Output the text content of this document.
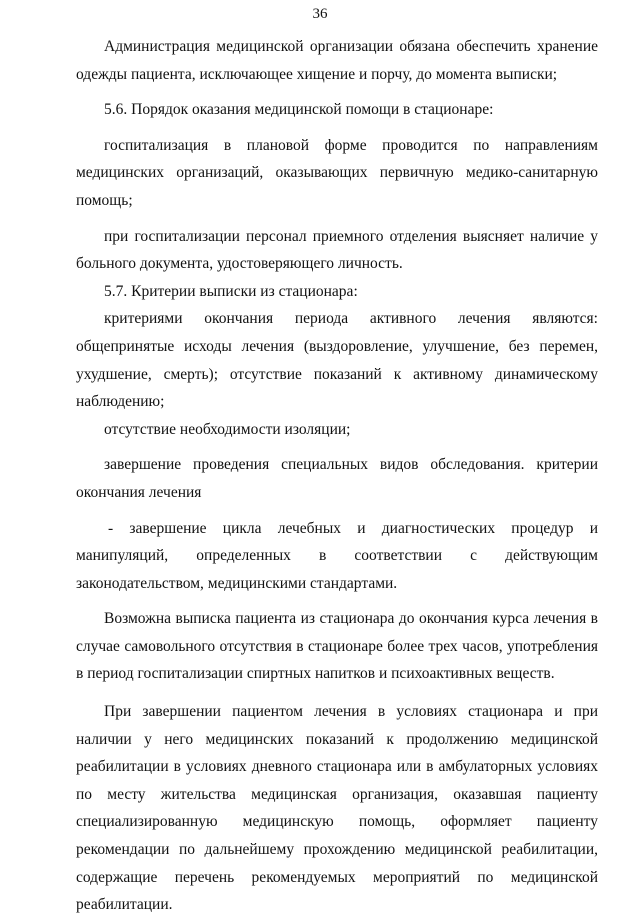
36

Администрация медицинской организации обязана обеспечить хранение одежды пациента, исключающее хищение и порчу, до момента выписки;

5.6. Порядок оказания медицинской помощи в стационаре:

госпитализация в плановой форме проводится по направлениям медицинских организаций, оказывающих первичную медико-санитарную помощь;

при госпитализации персонал приемного отделения выясняет наличие у больного документа, удостоверяющего личность.

5.7. Критерии выписки из стационара:

критериями окончания периода активного лечения являются: общепринятые исходы лечения (выздоровление, улучшение, без перемен, ухудшение, смерть); отсутствие показаний к активному динамическому наблюдению;

отсутствие необходимости изоляции;

завершение проведения специальных видов обследования. критерии окончания лечения

- завершение цикла лечебных и диагностических процедур и манипуляций, определенных в соответствии с действующим законодательством, медицинскими стандартами.

Возможна выписка пациента из стационара до окончания курса лечения в случае самовольного отсутствия в стационаре более трех часов, употребления в период госпитализации спиртных напитков и психоактивных веществ.

При завершении пациентом лечения в условиях стационара и при наличии у него медицинских показаний к продолжению медицинской реабилитации в условиях дневного стационара или в амбулаторных условиях по месту жительства медицинская организация, оказавшая пациенту специализированную медицинскую помощь, оформляет пациенту рекомендации по дальнейшему прохождению медицинской реабилитации, содержащие перечень рекомендуемых мероприятий по медицинской реабилитации.
